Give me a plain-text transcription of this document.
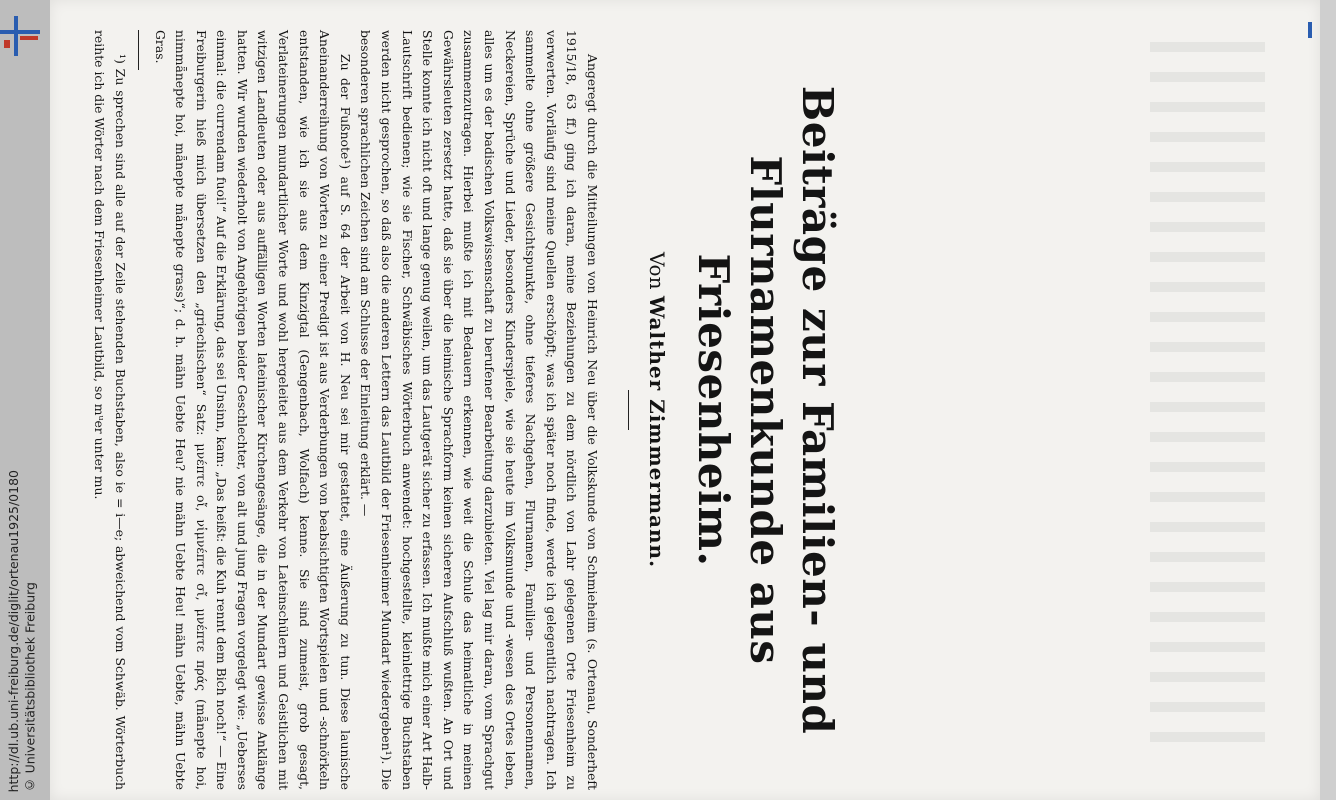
http://dl.ub.uni-freiburg.de/diglit/ortenau1925/0180 © Universitätsbibliothek Freiburg	Beiträge zur Familien- und Flurnamenkunde aus Friesenheim.
Von Walther Zimmermann.

Angeregt durch die Mitteilungen von Heinrich Neu über die Volkskunde von Schmieheim (s. Ortenau, Sonderheft 1915/18, 63 ff.) ging ich daran, meine Beziehungen zu dem nördlich von Lahr gelegenen Orte Friesenheim zu verwerten. Vorläufig sind meine Quellen erschöpft; was ich später noch finde, werde ich gelegentlich nachtragen. Ich sammelte ohne größere Gesichtspunkte, ohne tieferes Nachgehen, Flurnamen, Familien- und Personennamen, Neckereien, Sprüche und Lieder, besonders Kinderspiele, wie sie heute im Volksmunde und -wesen des Ortes leben, alles um es der badischen Volkswissenschaft zu berufener Bearbeitung darzubieten. Viel lag mir daran, vom Sprachgut zusammenzutragen. Hierbei mußte ich mit Bedauern erkennen, wie weit die Schule das heimatliche in meinen Gewährsleuten zersetzt hatte, daß sie über die heimische Sprachform keinen sicheren Aufschluß wußten. An Ort und Stelle konnte ich nicht oft und lange genug weilen, um das Lautgerät sicher zu erfassen. Ich mußte mich einer Art Halb-Lautschrift bedienen; wie sie Fischer, Schwäbisches Wörterbuch anwendet: hochgestellte, kleinlettrige Buchstaben werden nicht gesprochen, so daß also die anderen Lettern das Lautbild der Friesenheimer Mundart wiedergeben¹). Die besonderen sprachlichen Zeichen sind am Schlusse der Einleitung erklärt. —

Zu der Fußnote¹) auf S. 64 der Arbeit von H. Neu sei mir gestattet, eine Äußerung zu tun. Diese launische Aneinanderreihung von Worten zu einer Predigt ist aus Verderbungen von beabsichtigten Wortspielen und -schnörkeln entstanden, wie ich sie aus dem Kinzigtal (Gengenbach, Wolfach) kenne. Sie sind zumeist, grob gesagt, Verlateinerungen mundartlicher Worte und wohl hergeleitet aus dem Verkehr von Lateinschülern und Geistlichen mit witzigen Landleuten oder aus auffälligen Worten lateinischer Kirchengesänge, die in der Mundart gewisse Anklänge hatten. Wir wurden wiederholt von Angehörigen beider Geschlechter, von alt und jung Fragen vorgelegt wie: „Ueberses einmal: die currendam fuoi!“ Auf die Erklärung, das sei Unsinn, kam: „Das heißt: die Kuh rennt dem Bich noch!“ — Eine Freiburgerin hieß mich übersetzen den „griechischen“ Satz: μνέπτε οἴ, νἱμνέπτε σἴ, μνέπτε πράς (mǟnepte hoi, nimmǟnepte hoi, mǟnepte mǟnepte grass)“; d. h. mähn Uebte Heu? nie mähn Uebte Heu! mähn Uebte, mähn Uebte Gras.

¹) Zu sprechen sind alle auf der Zeile stehenden Buchstaben, also ie = i—e; abweichend vom Schwäb. Wörterbuch reihte ich die Wörter nach dem Friesenheimer Lautbild, so mᵘer unter mu.
